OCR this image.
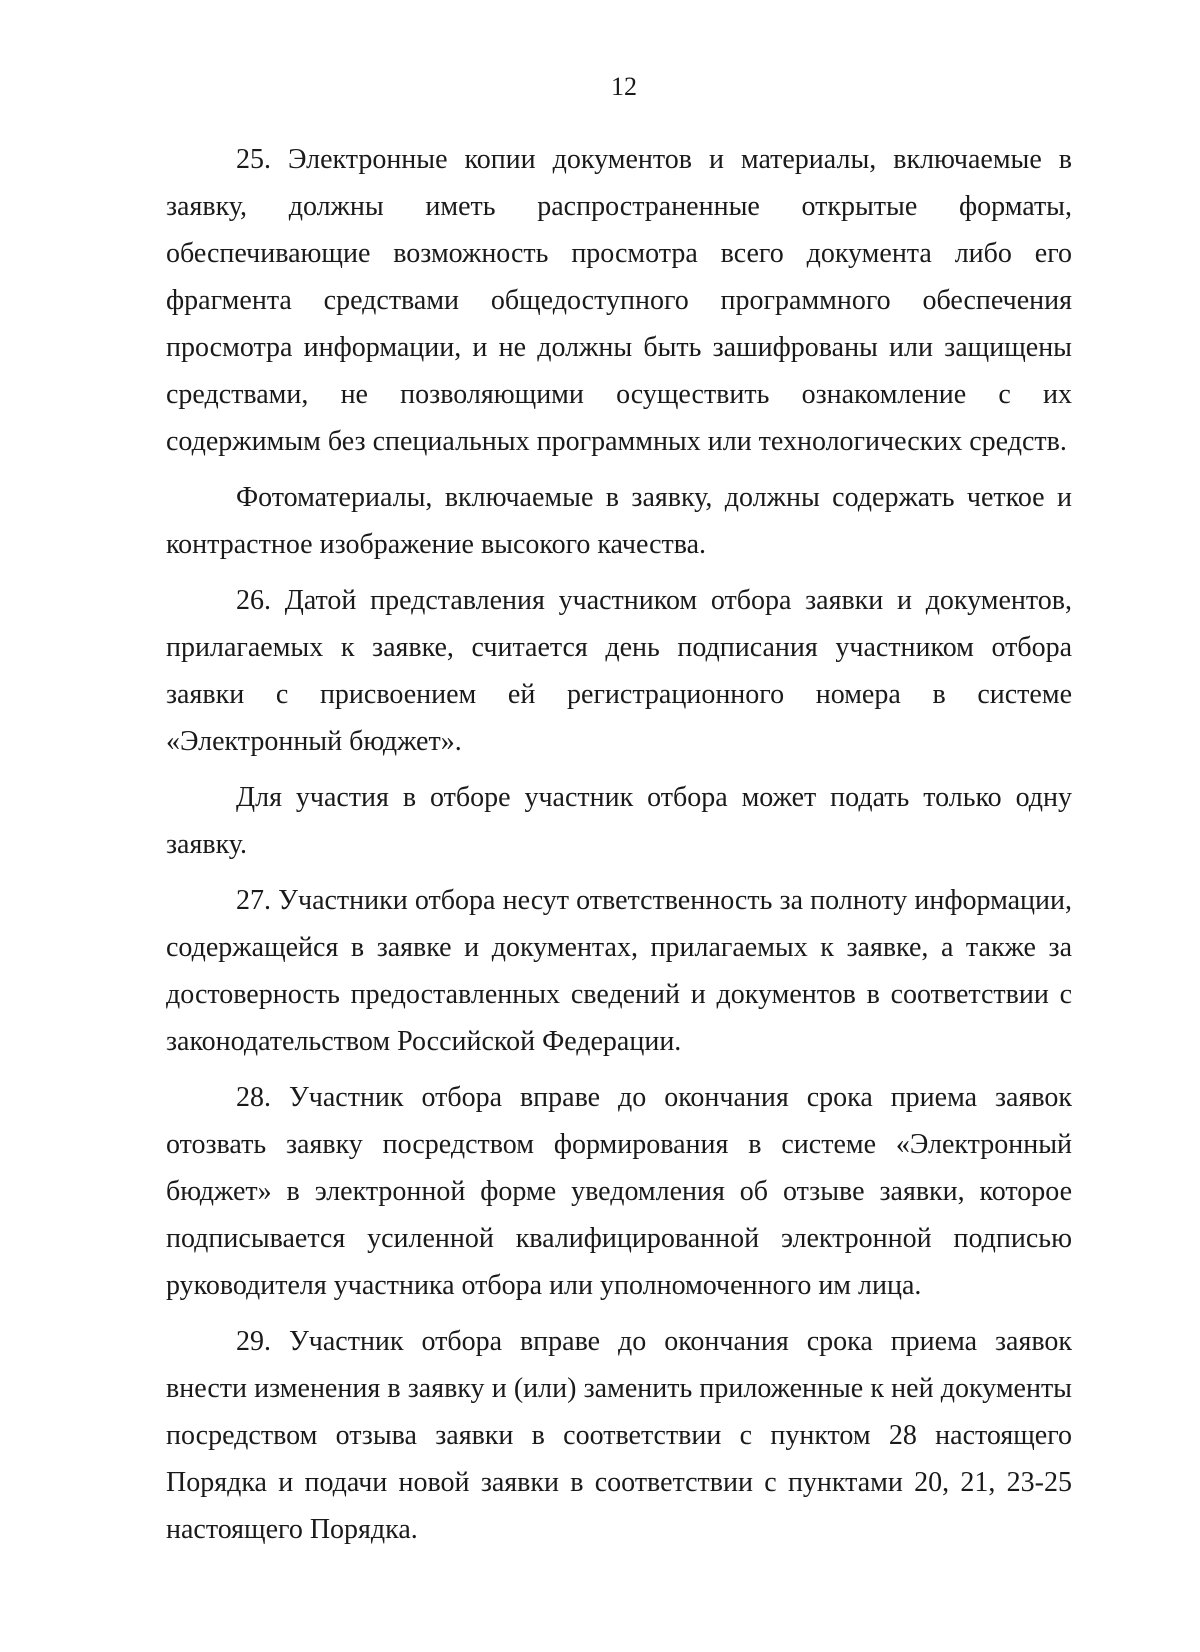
12

25. Электронные копии документов и материалы, включаемые в заявку, должны иметь распространенные открытые форматы, обеспечивающие возможность просмотра всего документа либо его фрагмента средствами общедоступного программного обеспечения просмотра информации, и не должны быть зашифрованы или защищены средствами, не позволяющими осуществить ознакомление с их содержимым без специальных программных или технологических средств.

Фотоматериалы, включаемые в заявку, должны содержать четкое и контрастное изображение высокого качества.

26. Датой представления участником отбора заявки и документов, прилагаемых к заявке, считается день подписания участником отбора заявки с присвоением ей регистрационного номера в системе «Электронный бюджет».

Для участия в отборе участник отбора может подать только одну заявку.

27. Участники отбора несут ответственность за полноту информации, содержащейся в заявке и документах, прилагаемых к заявке, а также за достоверность предоставленных сведений и документов в соответствии с законодательством Российской Федерации.

28. Участник отбора вправе до окончания срока приема заявок отозвать заявку посредством формирования в системе «Электронный бюджет» в электронной форме уведомления об отзыве заявки, которое подписывается усиленной квалифицированной электронной подписью руководителя участника отбора или уполномоченного им лица.

29. Участник отбора вправе до окончания срока приема заявок внести изменения в заявку и (или) заменить приложенные к ней документы посредством отзыва заявки в соответствии с пунктом 28 настоящего Порядка и подачи новой заявки в соответствии с пунктами 20, 21, 23-25 настоящего Порядка.
